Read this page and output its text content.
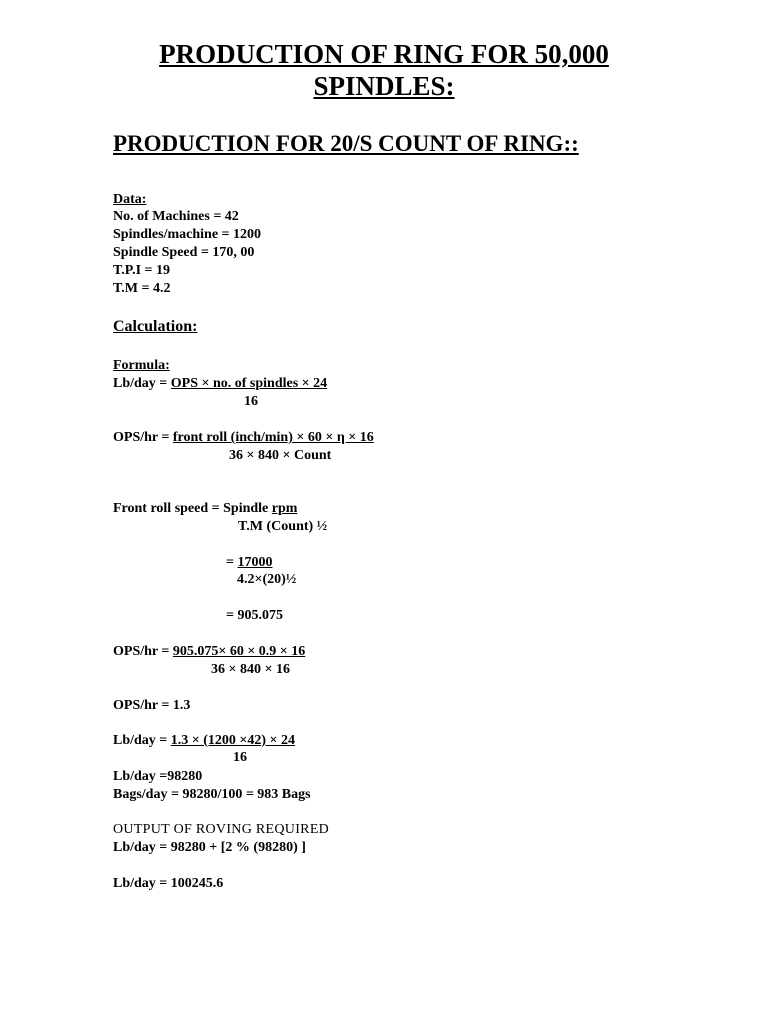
PRODUCTION OF RING FOR 50,000
SPINDLES:
PRODUCTION FOR 20/S COUNT OF RING::
Data:
No. of Machines = 42
Spindles/machine = 1200
Spindle Speed = 170, 00
T.P.I = 19
T.M = 4.2
Calculation:
Formula:
Lb/day = OPS × no. of spindles × 24
16
OPS/hr = front roll (inch/min) × 60 × η × 16
36 × 840 × Count
Front roll speed = Spindle rpm
T.M (Count) ½
= 17000
4.2×(20)½
= 905.075
OPS/hr = 905.075× 60 × 0.9 × 16
36 × 840 × 16
OPS/hr = 1.3
Lb/day = 1.3 × (1200 ×42) × 24
16
Lb/day =98280
Bags/day = 98280/100 = 983 Bags
OUTPUT OF ROVING REQUIRED
Lb/day = 98280 + [2 % (98280) ]
Lb/day = 100245.6
